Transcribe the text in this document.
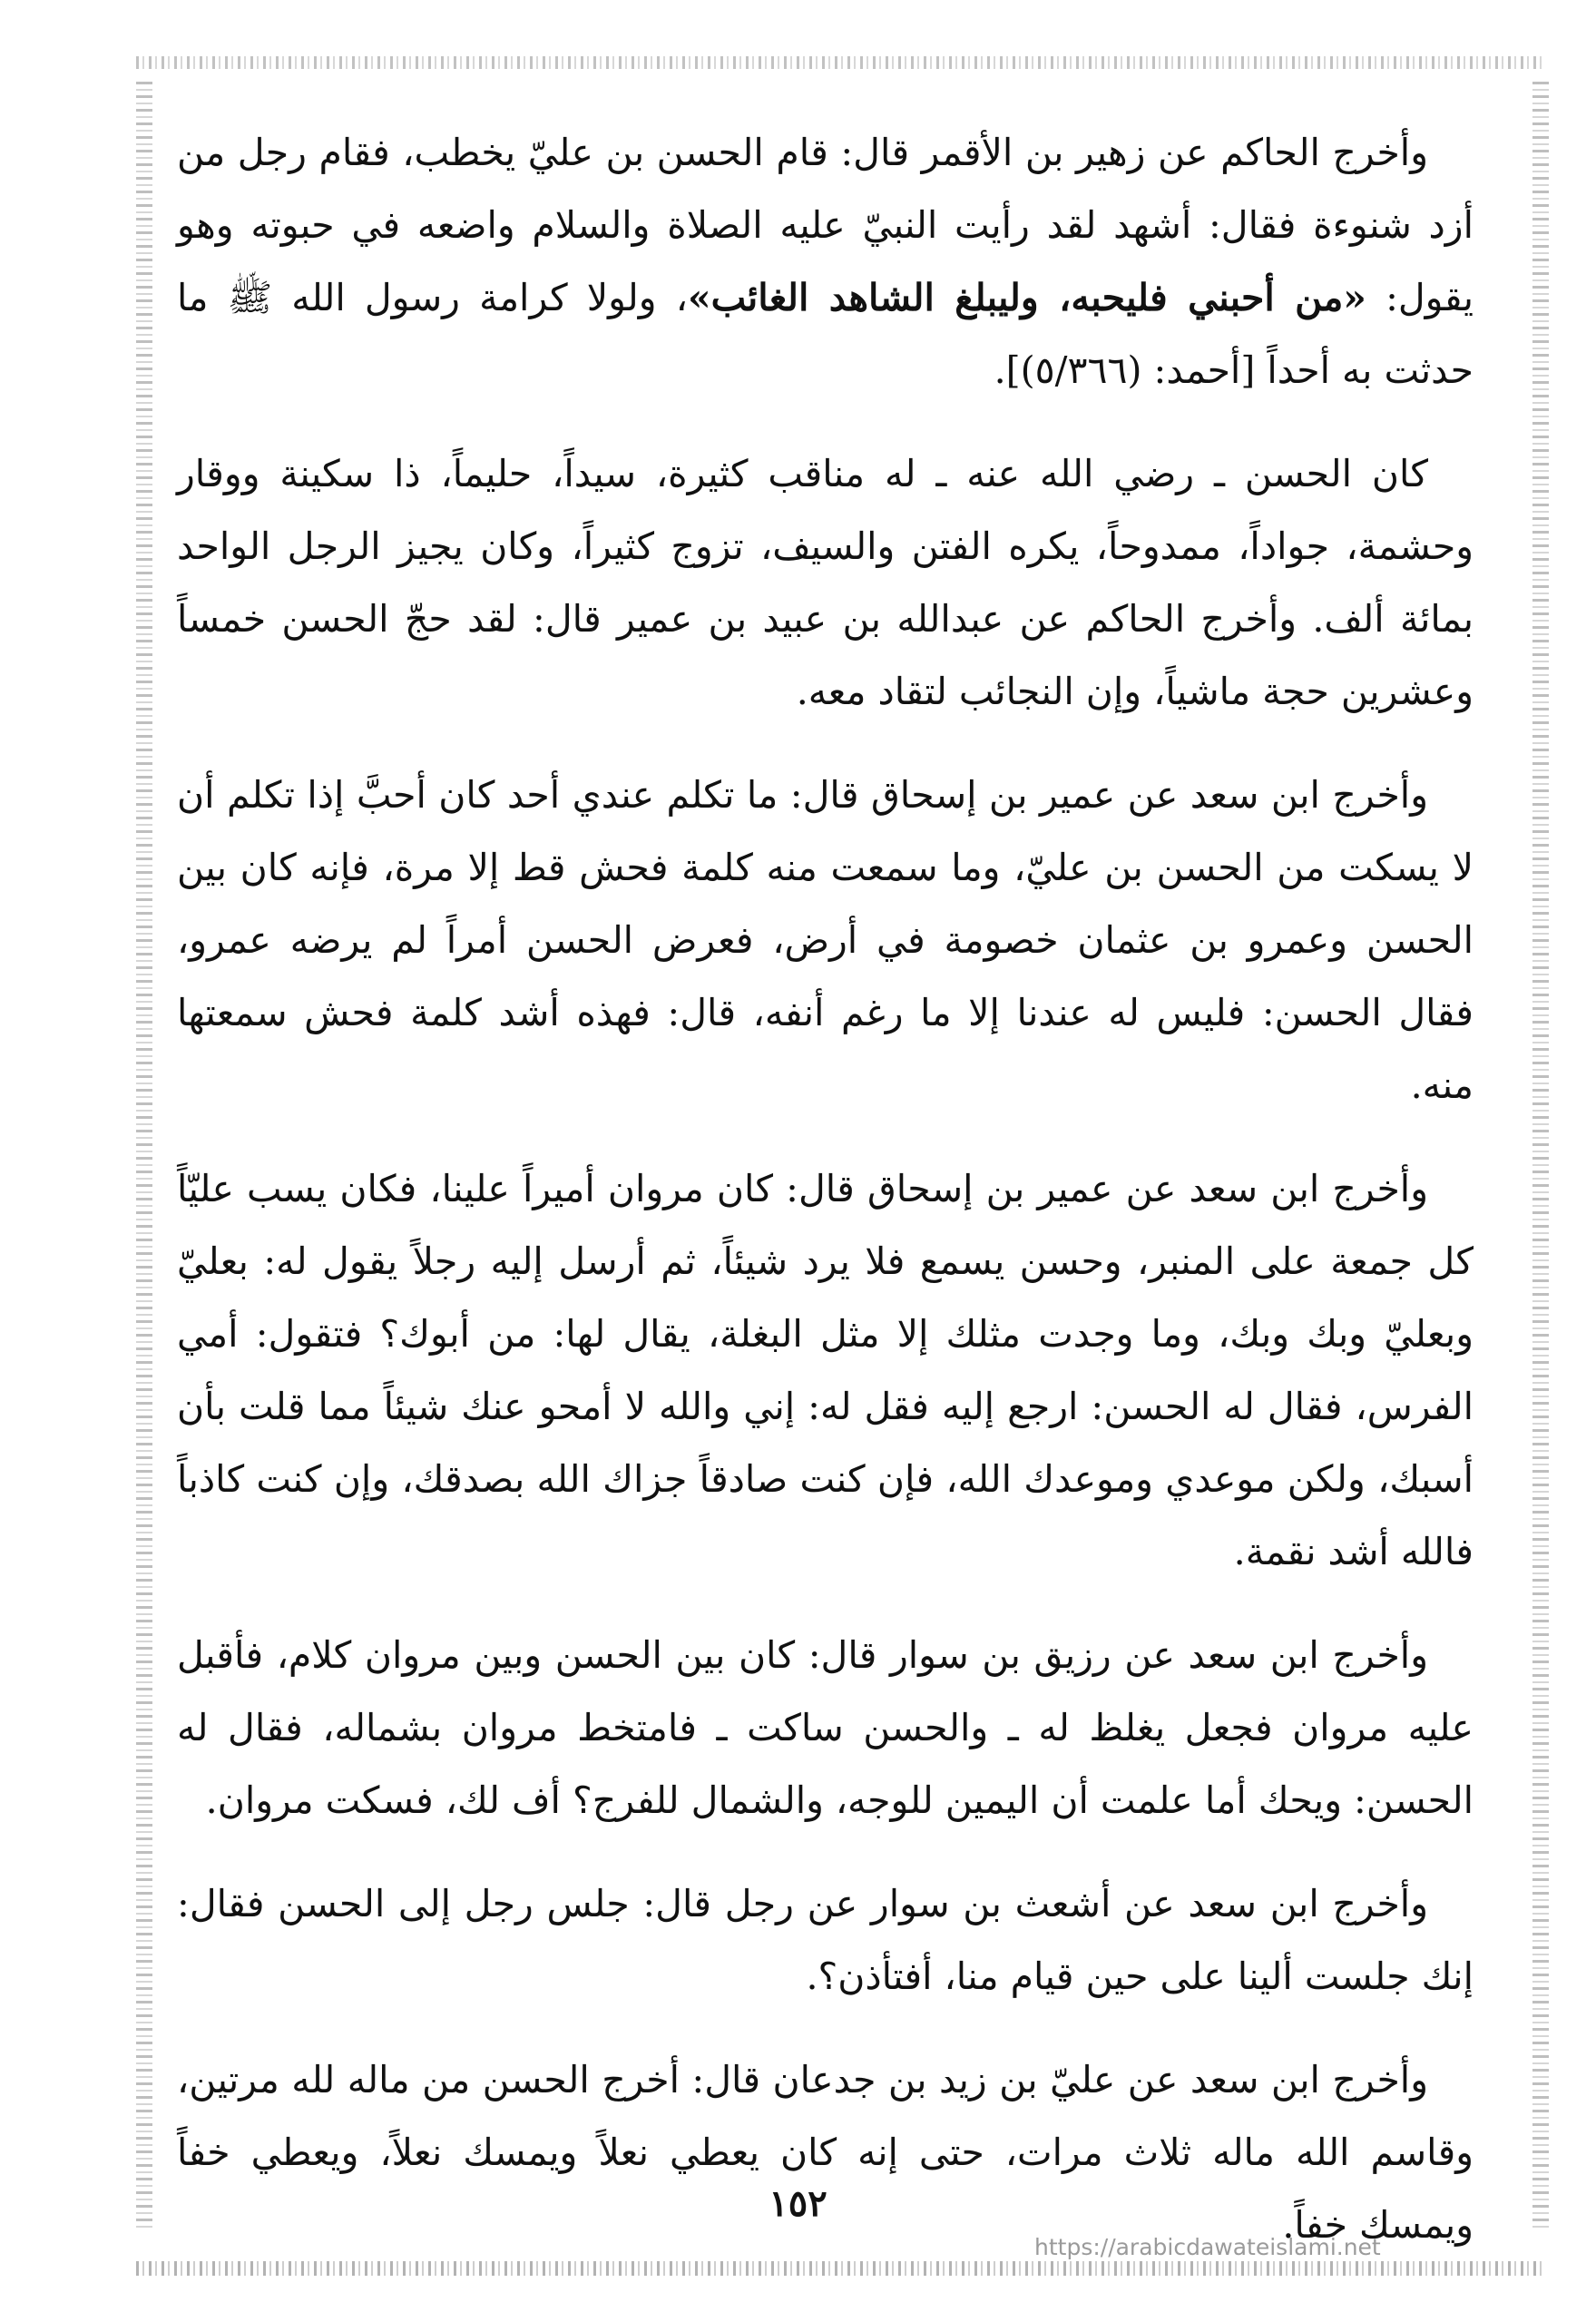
وأخرج الحاكم عن زهير بن الأقمر قال: قام الحسن بن عليّ يخطب، فقام رجل من أزد شنوءة فقال: أشهد لقد رأيت النبيّ عليه الصلاة والسلام واضعه في حبوته وهو يقول: «من أحبني فليحبه، وليبلغ الشاهد الغائب»، ولولا كرامة رسول الله ﷺ ما حدثت به أحداً [أحمد: (٥/٣٦٦)].

كان الحسن ـ رضي الله عنه ـ له مناقب كثيرة، سيداً، حليماً، ذا سكينة ووقار وحشمة، جواداً، ممدوحاً، يكره الفتن والسيف، تزوج كثيراً، وكان يجيز الرجل الواحد بمائة ألف. وأخرج الحاكم عن عبدالله بن عبيد بن عمير قال: لقد حجّ الحسن خمساً وعشرين حجة ماشياً، وإن النجائب لتقاد معه.

وأخرج ابن سعد عن عمير بن إسحاق قال: ما تكلم عندي أحد كان أحبَّ إذا تكلم أن لا يسكت من الحسن بن عليّ، وما سمعت منه كلمة فحش قط إلا مرة، فإنه كان بين الحسن وعمرو بن عثمان خصومة في أرض، فعرض الحسن أمراً لم يرضه عمرو، فقال الحسن: فليس له عندنا إلا ما رغم أنفه، قال: فهذه أشد كلمة فحش سمعتها منه.

وأخرج ابن سعد عن عمير بن إسحاق قال: كان مروان أميراً علينا، فكان يسب عليّاً كل جمعة على المنبر، وحسن يسمع فلا يرد شيئاً، ثم أرسل إليه رجلاً يقول له: بعليّ وبعليّ وبك وبك، وما وجدت مثلك إلا مثل البغلة، يقال لها: من أبوك؟ فتقول: أمي الفرس، فقال له الحسن: ارجع إليه فقل له: إني والله لا أمحو عنك شيئاً مما قلت بأن أسبك، ولكن موعدي وموعدك الله، فإن كنت صادقاً جزاك الله بصدقك، وإن كنت كاذباً فالله أشد نقمة.

وأخرج ابن سعد عن رزيق بن سوار قال: كان بين الحسن وبين مروان كلام، فأقبل عليه مروان فجعل يغلظ له ـ والحسن ساكت ـ فامتخط مروان بشماله، فقال له الحسن: ويحك أما علمت أن اليمين للوجه، والشمال للفرج؟ أف لك، فسكت مروان.

وأخرج ابن سعد عن أشعث بن سوار عن رجل قال: جلس رجل إلى الحسن فقال: إنك جلست ألينا على حين قيام منا، أفتأذن؟.

وأخرج ابن سعد عن عليّ بن زيد بن جدعان قال: أخرج الحسن من ماله لله مرتين، وقاسم الله ماله ثلاث مرات، حتى إنه كان يعطي نعلاً ويمسك نعلاً، ويعطي خفاً ويمسك خفاً.

١٥٢
https://arabicdawateislami.net
